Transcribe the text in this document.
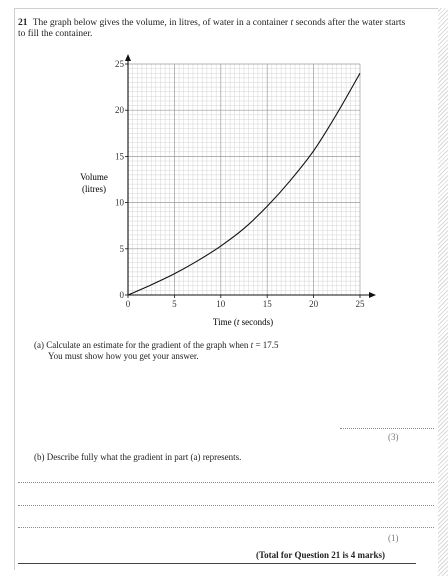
21 The graph below gives the volume, in litres, of water in a container t seconds after the water starts to fill the container.
0	5	10	15	20	25
0
5
10
15
20
25
Volume
(litres)
Time (t seconds)
(a) Calculate an estimate for the gradient of the graph when t = 17.5
You must show how you get your answer.
(3)
(b) Describe fully what the gradient in part (a) represents.
(1)
(Total for Question 21 is 4 marks)
